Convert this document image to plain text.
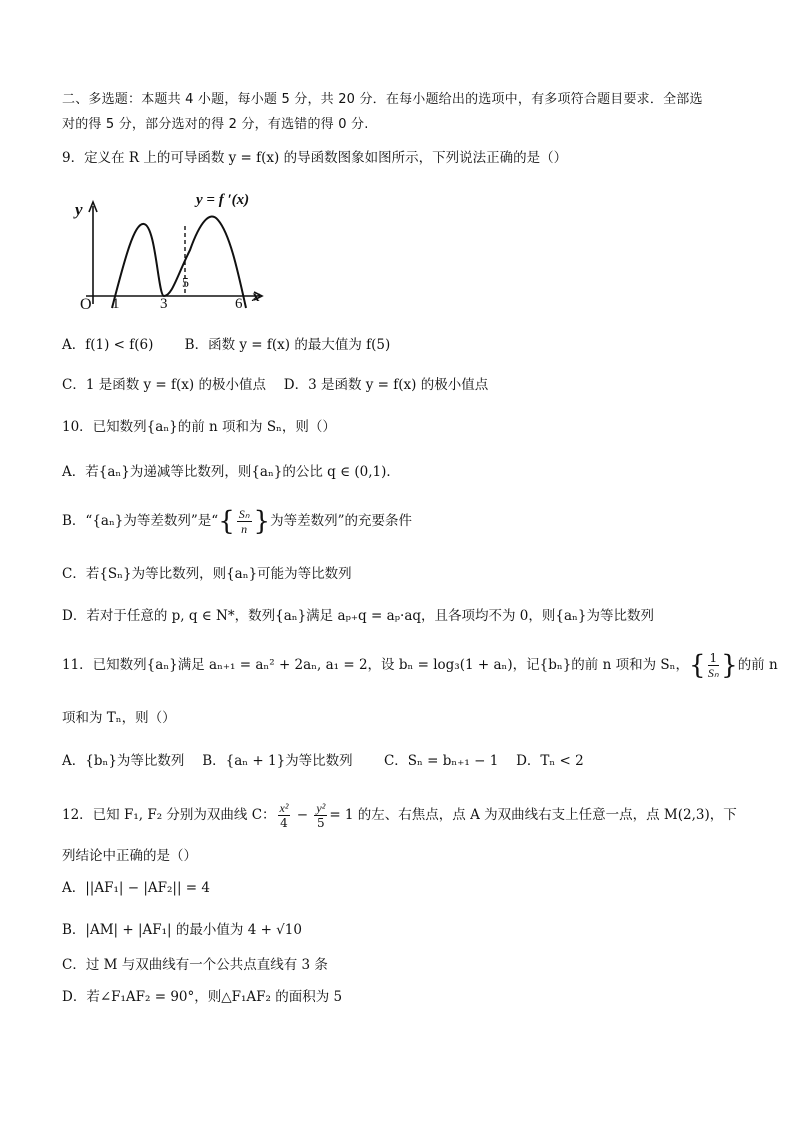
二、多选题：本题共 4 小题，每小题 5 分，共 20 分．在每小题给出的选项中，有多项符合题目要求．全部选
对的得 5 分，部分选对的得 2 分，有选错的得 0 分.
9．定义在 R 上的可导函数 y = f(x) 的导函数图象如图所示，下列说法正确的是（）
y = f ′(x)
y
x
O 1	3
5
6
A．f(1) < f(6)　　 B．函数 y = f(x) 的最大值为 f(5)
C．1 是函数 y = f(x) 的极小值点　 D．3 是函数 y = f(x) 的极小值点
10．已知数列{aₙ}的前 n 项和为 Sₙ，则（）
A．若{aₙ}为递减等比数列，则{aₙ}的公比 q ∈ (0,1)．
B．“{aₙ}为等差数列”是“{ $\frac{\text{Sₙ}}{n}$ }为等差数列”的充要条件
C．若{Sₙ}为等比数列，则{aₙ}可能为等比数列
D．若对于任意的 p, q ∈ N*，数列{aₙ}满足 aₚ₊q = aₚ·aq，且各项均不为 0，则{aₙ}为等比数列
11．已知数列{aₙ}满足 aₙ₊₁ = aₙ² + 2aₙ, a₁ = 2，设 bₙ = log₃(1 + aₙ)，记{bₙ}的前 n 项和为 Sₙ，{ $\frac{1}{\text{Sₙ}}$ }的前 n
项和为 Tₙ，则（）
A．{bₙ}为等比数列　 B．{aₙ + 1}为等比数列　　 C．Sₙ = bₙ₊₁ − 1　 D．Tₙ < 2
12．已知 F₁, F₂ 分别为双曲线 C： $\frac{\text{x²}}{4} - \frac{\text{y²}}{5} = 1$ 的左、右焦点，点 A 为双曲线右支上任意一点，点 M(2,3)，下
列结论中正确的是（）
A．||AF₁| − |AF₂|| = 4
B．|AM| + |AF₁| 的最小值为 4 + √10
C．过 M 与双曲线有一个公共点直线有 3 条
D．若∠F₁AF₂ = 90°，则△F₁AF₂ 的面积为 5
